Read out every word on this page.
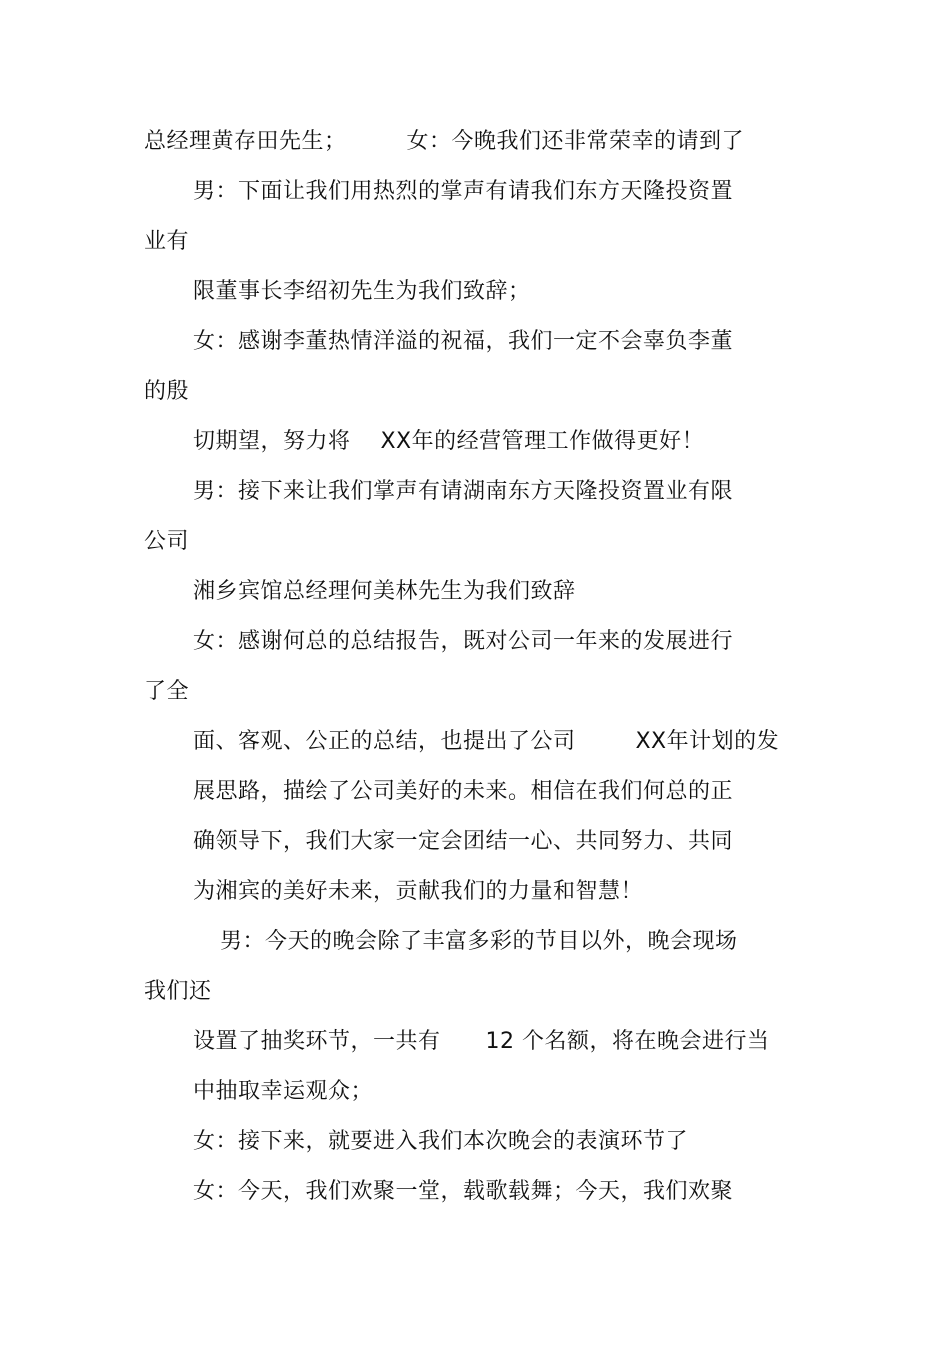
总经理黄存田先生；        女：今晚我们还非常荣幸的请到了
男：下面让我们用热烈的掌声有请我们东方天隆投资置
业有
限董事长李绍初先生为我们致辞；
女：感谢李董热情洋溢的祝福，我们一定不会辜负李董
的殷
切期望，努力将    XX年的经营管理工作做得更好！
男：接下来让我们掌声有请湖南东方天隆投资置业有限
公司
湘乡宾馆总经理何美林先生为我们致辞
女：感谢何总的总结报告，既对公司一年来的发展进行
了全
面、客观、公正的总结，也提出了公司        XX年计划的发
展思路，描绘了公司美好的未来。相信在我们何总的正
确领导下，我们大家一定会团结一心、共同努力、共同
为湘宾的美好未来，贡献我们的力量和智慧！
男：今天的晚会除了丰富多彩的节目以外，晚会现场
我们还
设置了抽奖环节，一共有      12 个名额，将在晚会进行当
中抽取幸运观众；
女：接下来，就要进入我们本次晚会的表演环节了
女：今天，我们欢聚一堂，载歌载舞；今天，我们欢聚
